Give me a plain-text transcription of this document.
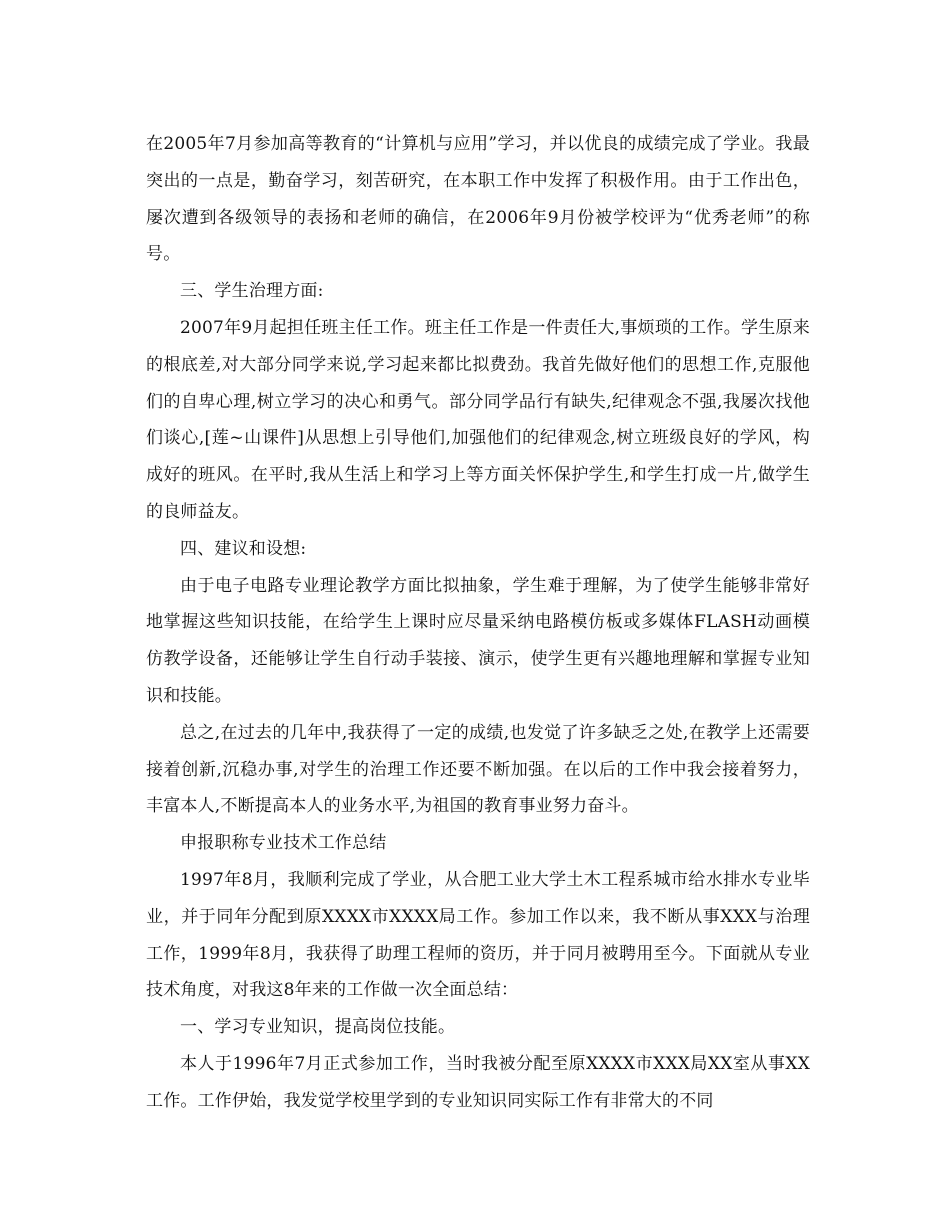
在2005年7月参加高等教育的“计算机与应用”学习，并以优良的成绩完成了学业。我最突出的一点是，勤奋学习，刻苦研究，在本职工作中发挥了积极作用。由于工作出色，屡次遭到各级领导的表扬和老师的确信，在2006年9月份被学校评为“优秀老师”的称号。

三、学生治理方面:

2007年9月起担任班主任工作。班主任工作是一件责任大,事烦琐的工作。学生原来的根底差,对大部分同学来说,学习起来都比拟费劲。我首先做好他们的思想工作,克服他们的自卑心理,树立学习的决心和勇气。部分同学品行有缺失,纪律观念不强,我屡次找他们谈心,[莲~山课件]从思想上引导他们,加强他们的纪律观念,树立班级良好的学风，构成好的班风。在平时,我从生活上和学习上等方面关怀保护学生,和学生打成一片,做学生的良师益友。

四、建议和设想:

由于电子电路专业理论教学方面比拟抽象，学生难于理解，为了使学生能够非常好地掌握这些知识技能，在给学生上课时应尽量采纳电路模仿板或多媒体FLASH动画模仿教学设备，还能够让学生自行动手装接、演示，使学生更有兴趣地理解和掌握专业知识和技能。

总之,在过去的几年中,我获得了一定的成绩,也发觉了许多缺乏之处,在教学上还需要接着创新,沉稳办事,对学生的治理工作还要不断加强。在以后的工作中我会接着努力，丰富本人,不断提高本人的业务水平,为祖国的教育事业努力奋斗。

申报职称专业技术工作总结

1997年8月，我顺利完成了学业，从合肥工业大学土木工程系城市给水排水专业毕业，并于同年分配到原XXXX市XXXX局工作。参加工作以来，我不断从事XXX与治理工作，1999年8月，我获得了助理工程师的资历，并于同月被聘用至今。下面就从专业技术角度，对我这8年来的工作做一次全面总结：

一、学习专业知识，提高岗位技能。

本人于1996年7月正式参加工作，当时我被分配至原XXXX市XXX局XX室从事XX工作。工作伊始，我发觉学校里学到的专业知识同实际工作有非常大的不同
